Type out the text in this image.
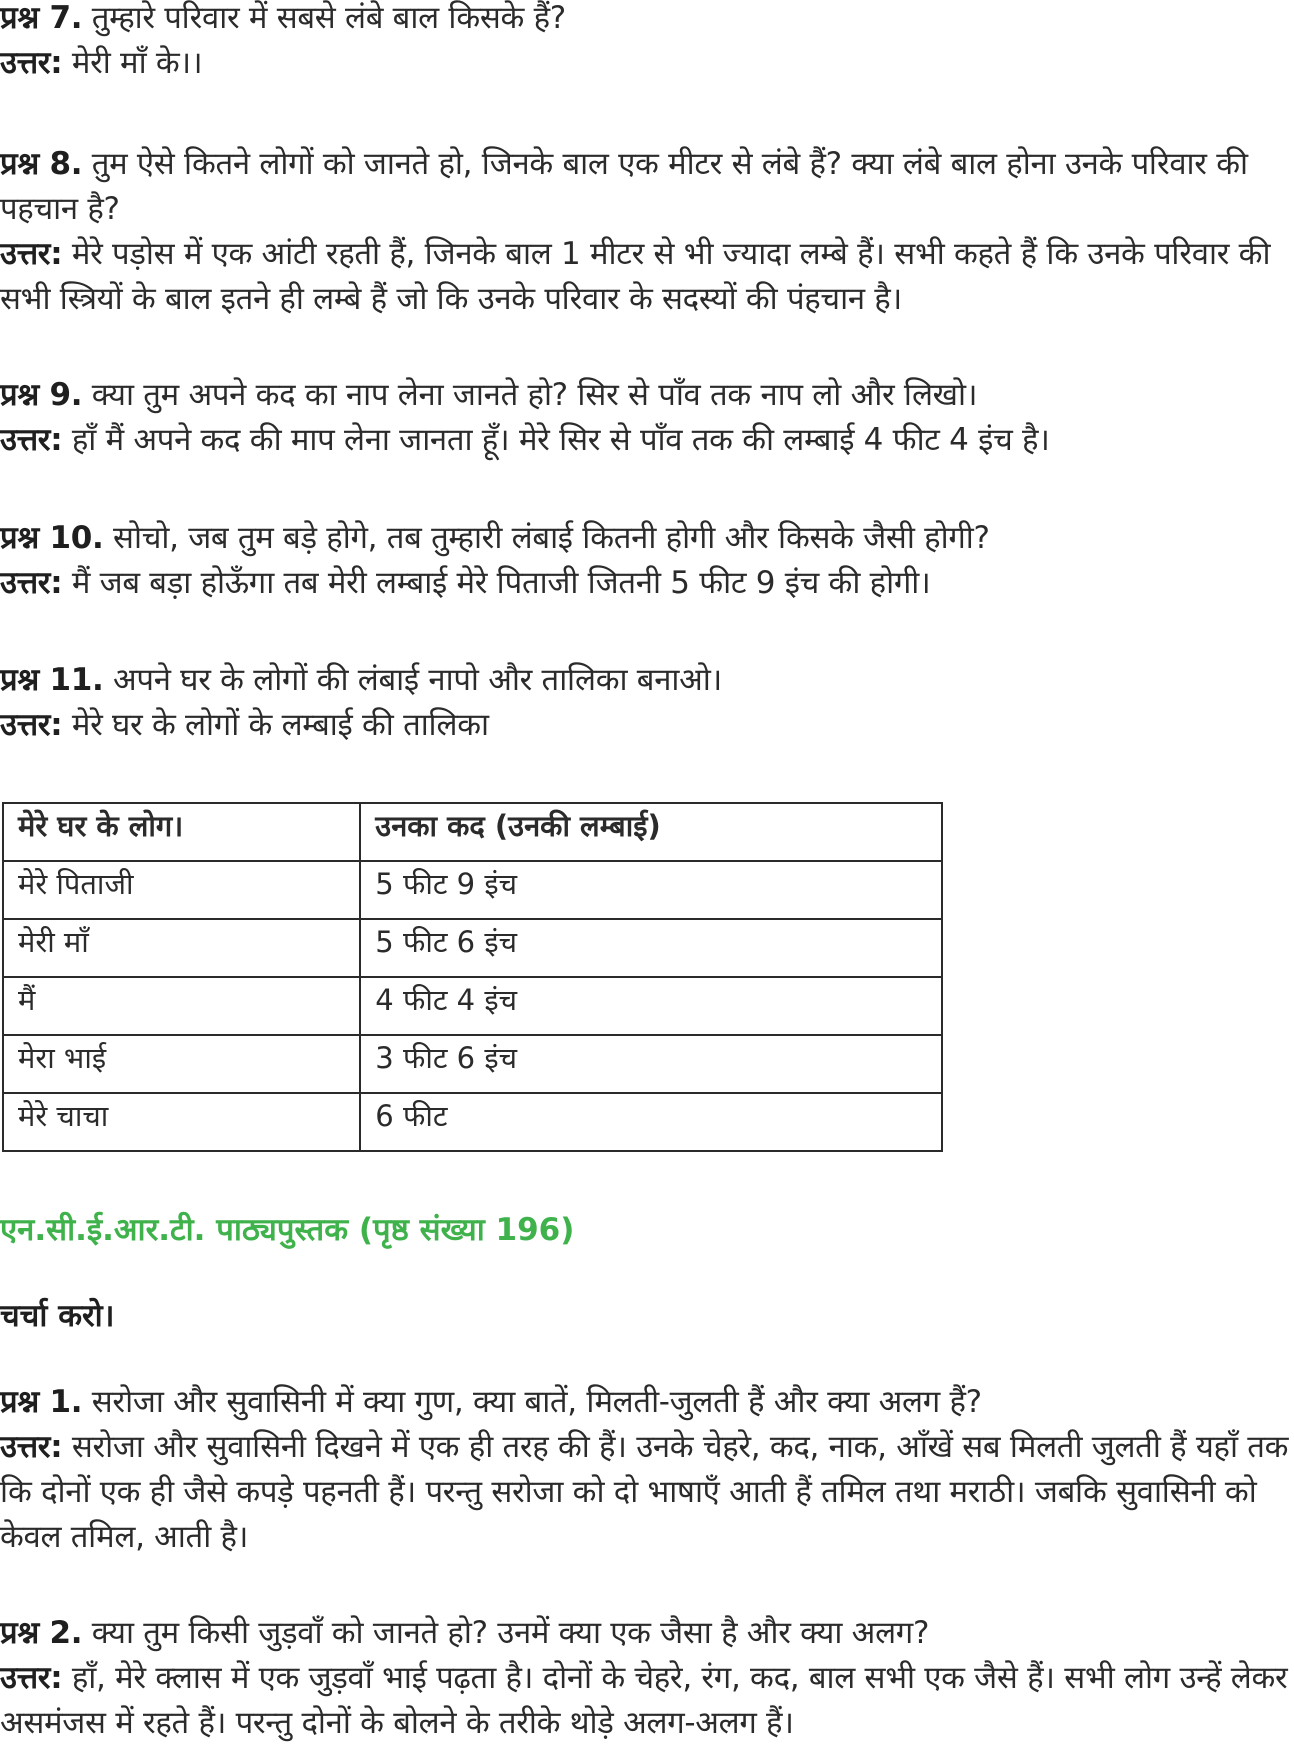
प्रश्न 7. तुम्हारे परिवार में सबसे लंबे बाल किसके हैं?
उत्तर: मेरी माँ के।।
प्रश्न 8. तुम ऐसे कितने लोगों को जानते हो, जिनके बाल एक मीटर से लंबे हैं? क्या लंबे बाल होना उनके परिवार की पहचान है?
उत्तर: मेरे पड़ोस में एक आंटी रहती हैं, जिनके बाल 1 मीटर से भी ज्यादा लम्बे हैं। सभी कहते हैं कि उनके परिवार की सभी स्त्रियों के बाल इतने ही लम्बे हैं जो कि उनके परिवार के सदस्यों की पंहचान है।
प्रश्न 9. क्या तुम अपने कद का नाप लेना जानते हो? सिर से पाँव तक नाप लो और लिखो।
उत्तर: हाँ मैं अपने कद की माप लेना जानता हूँ। मेरे सिर से पाँव तक की लम्बाई 4 फीट 4 इंच है।
प्रश्न 10. सोचो, जब तुम बड़े होगे, तब तुम्हारी लंबाई कितनी होगी और किसके जैसी होगी?
उत्तर: मैं जब बड़ा होऊँगा तब मेरी लम्बाई मेरे पिताजी जितनी 5 फीट 9 इंच की होगी।
प्रश्न 11. अपने घर के लोगों की लंबाई नापो और तालिका बनाओ।
उत्तर: मेरे घर के लोगों के लम्बाई की तालिका
मेरे घर के लोग।	उनका कद (उनकी लम्बाई)
मेरे पिताजी	5 फीट 9 इंच
मेरी माँ	5 फीट 6 इंच
मैं	4 फीट 4 इंच
मेरा भाई	3 फीट 6 इंच
मेरे चाचा	6 फीट
एन.सी.ई.आर.टी. पाठ्यपुस्तक (पृष्ठ संख्या 196)
चर्चा करो।
प्रश्न 1. सरोजा और सुवासिनी में क्या गुण, क्या बातें, मिलती-जुलती हैं और क्या अलग हैं?
उत्तर: सरोजा और सुवासिनी दिखने में एक ही तरह की हैं। उनके चेहरे, कद, नाक, आँखें सब मिलती जुलती हैं यहाँ तक कि दोनों एक ही जैसे कपड़े पहनती हैं। परन्तु सरोजा को दो भाषाएँ आती हैं तमिल तथा मराठी। जबकि सुवासिनी को केवल तमिल, आती है।
प्रश्न 2. क्या तुम किसी जुड़वाँ को जानते हो? उनमें क्या एक जैसा है और क्या अलग?
उत्तर: हाँ, मेरे क्लास में एक जुड़वाँ भाई पढ़ता है। दोनों के चेहरे, रंग, कद, बाल सभी एक जैसे हैं। सभी लोग उन्हें लेकर असमंजस में रहते हैं। परन्तु दोनों के बोलने के तरीके थोड़े अलग-अलग हैं।
